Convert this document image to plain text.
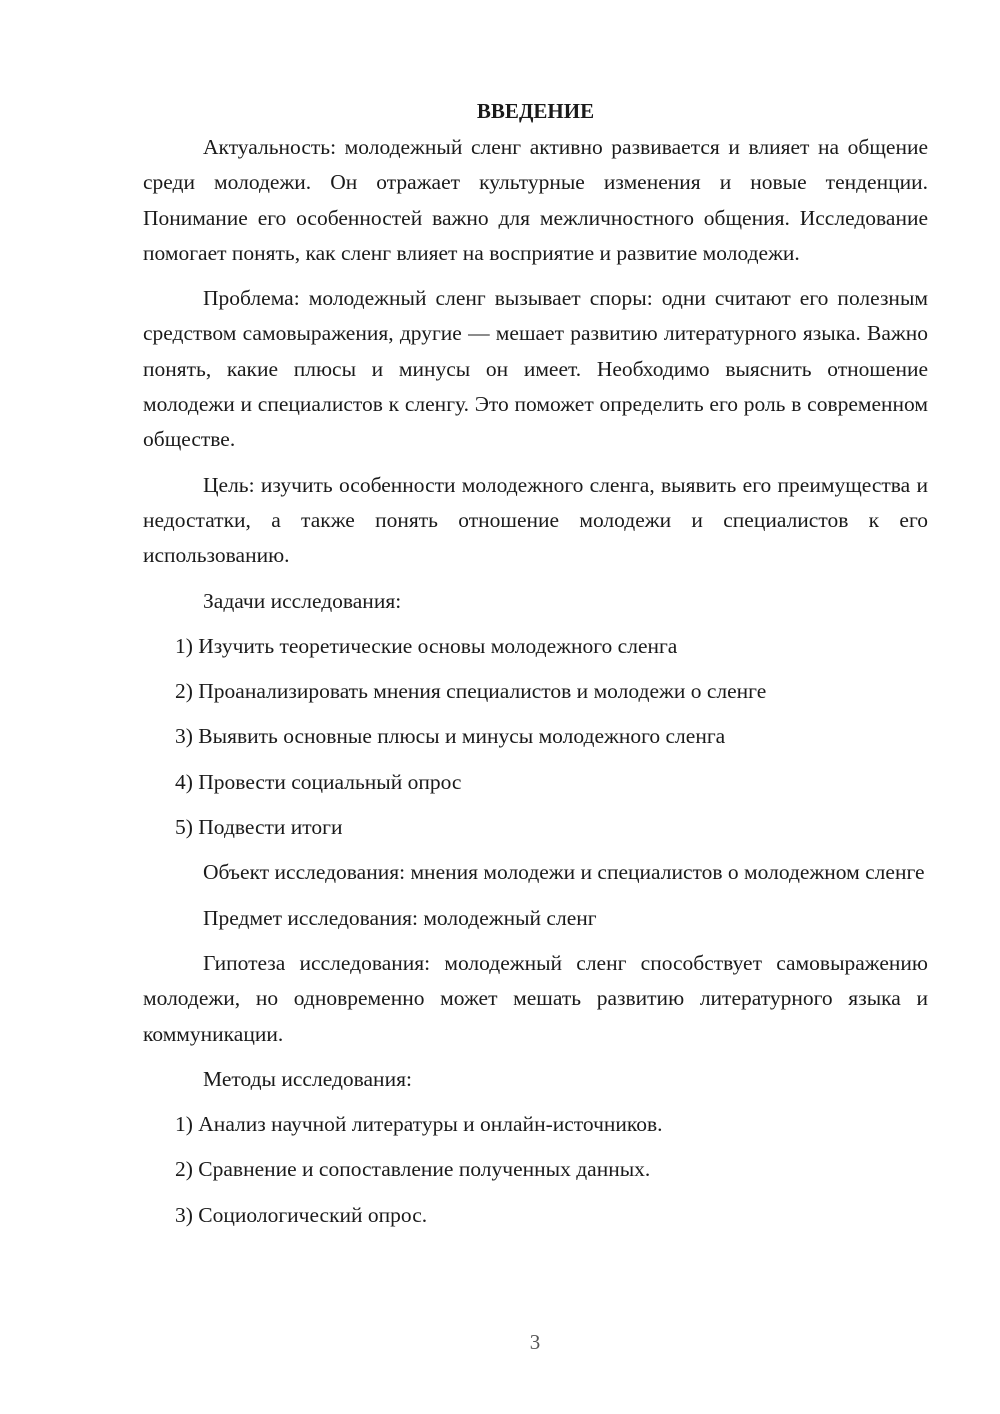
ВВЕДЕНИЕ

Актуальность: молодежный сленг активно развивается и влияет на общение среди молодежи. Он отражает культурные изменения и новые тенденции. Понимание его особенностей важно для межличностного общения. Исследование помогает понять, как сленг влияет на восприятие и развитие молодежи.

Проблема: молодежный сленг вызывает споры: одни считают его полезным средством самовыражения, другие — мешает развитию литературного языка. Важно понять, какие плюсы и минусы он имеет. Необходимо выяснить отношение молодежи и специалистов к сленгу. Это поможет определить его роль в современном обществе.

Цель: изучить особенности молодежного сленга, выявить его преимущества и недостатки, а также понять отношение молодежи и специалистов к его использованию.

Задачи исследования:

1) Изучить теоретические основы молодежного сленга

2) Проанализировать мнения специалистов и молодежи о сленге

3) Выявить основные плюсы и минусы молодежного сленга

4) Провести социальный опрос

5) Подвести итоги

Объект исследования: мнения молодежи и специалистов о молодежном сленге

Предмет исследования: молодежный сленг

Гипотеза исследования: молодежный сленг способствует самовыражению молодежи, но одновременно может мешать развитию литературного языка и коммуникации.

Методы исследования:

1) Анализ научной литературы и онлайн-источников.

2) Сравнение и сопоставление полученных данных.

3) Социологический опрос.

3
